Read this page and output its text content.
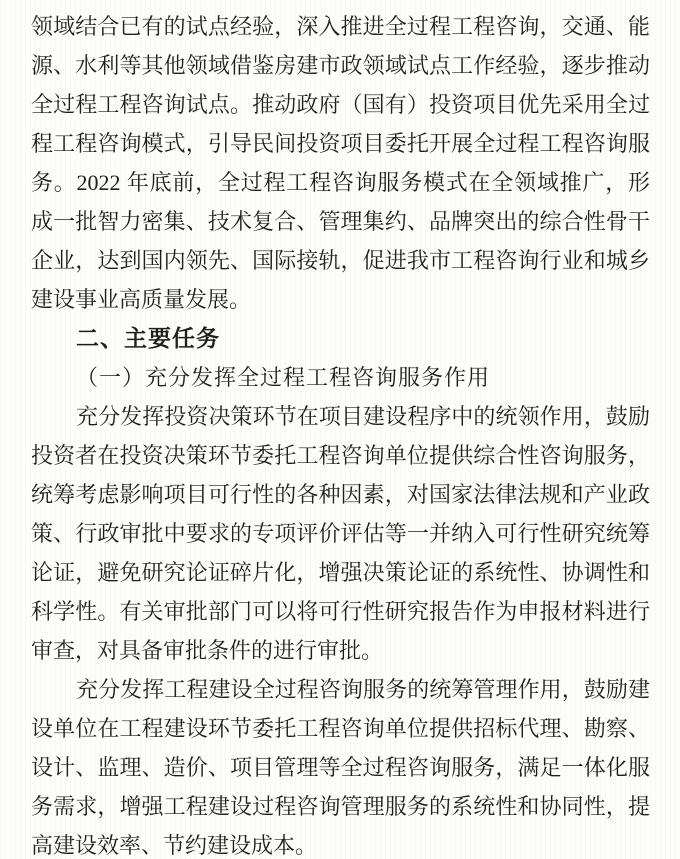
领域结合已有的试点经验，深入推进全过程工程咨询，交通、能
源、水利等其他领域借鉴房建市政领域试点工作经验，逐步推动
全过程工程咨询试点。推动政府（国有）投资项目优先采用全过
程工程咨询模式，引导民间投资项目委托开展全过程工程咨询服
务。2022 年底前，全过程工程咨询服务模式在全领域推广，形
成一批智力密集、技术复合、管理集约、品牌突出的综合性骨干
企业，达到国内领先、国际接轨，促进我市工程咨询行业和城乡
建设事业高质量发展。
二、主要任务
（一）充分发挥全过程工程咨询服务作用
充分发挥投资决策环节在项目建设程序中的统领作用，鼓励
投资者在投资决策环节委托工程咨询单位提供综合性咨询服务，
统筹考虑影响项目可行性的各种因素，对国家法律法规和产业政
策、行政审批中要求的专项评价评估等一并纳入可行性研究统筹
论证，避免研究论证碎片化，增强决策论证的系统性、协调性和
科学性。有关审批部门可以将可行性研究报告作为申报材料进行
审查，对具备审批条件的进行审批。
充分发挥工程建设全过程咨询服务的统筹管理作用，鼓励建
设单位在工程建设环节委托工程咨询单位提供招标代理、勘察、
设计、监理、造价、项目管理等全过程咨询服务，满足一体化服
务需求，增强工程建设过程咨询管理服务的系统性和协同性，提
高建设效率、节约建设成本。
